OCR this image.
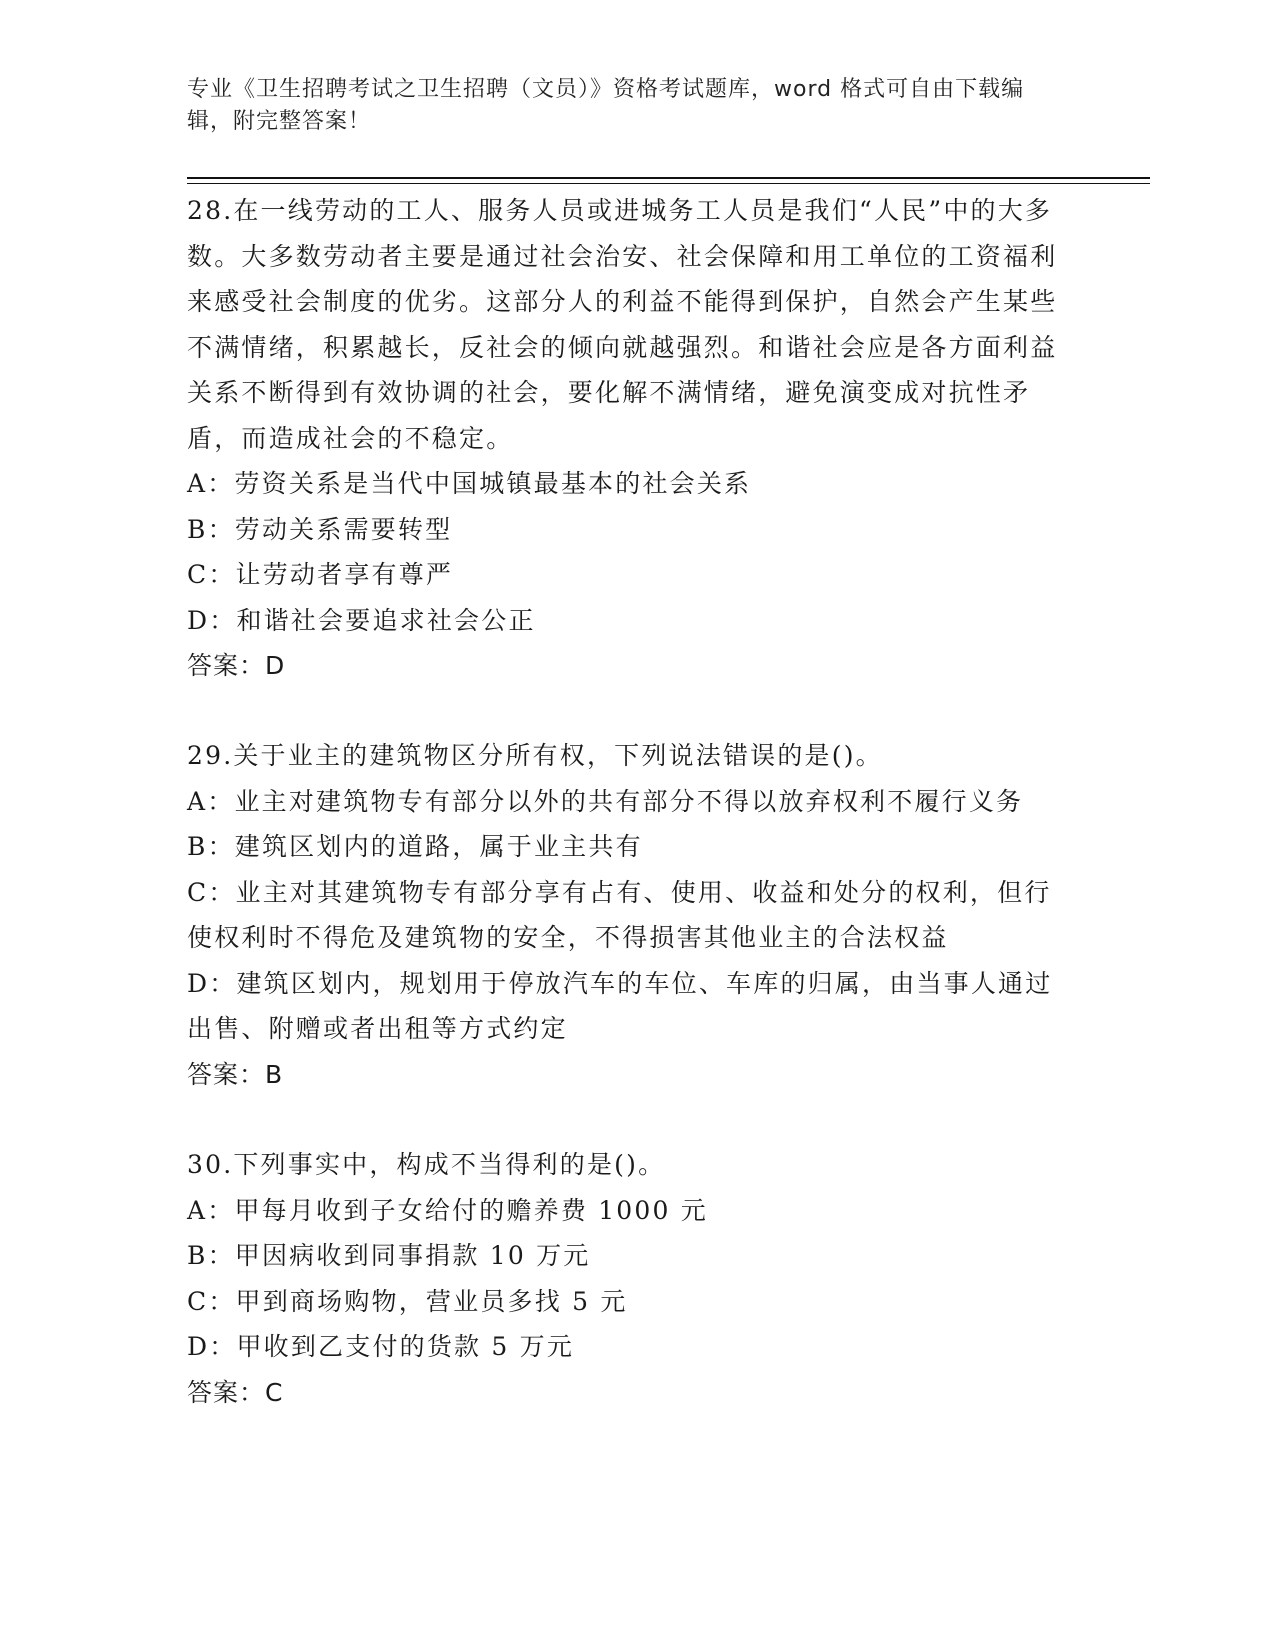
专业《卫生招聘考试之卫生招聘（文员）》资格考试题库，word 格式可自由下载编辑，附完整答案！

28.在一线劳动的工人、服务人员或进城务工人员是我们“人民”中的大多数。大多数劳动者主要是通过社会治安、社会保障和用工单位的工资福利来感受社会制度的优劣。这部分人的利益不能得到保护，自然会产生某些不满情绪，积累越长，反社会的倾向就越强烈。和谐社会应是各方面利益关系不断得到有效协调的社会，要化解不满情绪，避免演变成对抗性矛盾，而造成社会的不稳定。

A：劳资关系是当代中国城镇最基本的社会关系

B：劳动关系需要转型

C：让劳动者享有尊严

D：和谐社会要追求社会公正

答案：D

29.关于业主的建筑物区分所有权，下列说法错误的是()。

A：业主对建筑物专有部分以外的共有部分不得以放弃权利不履行义务

B：建筑区划内的道路，属于业主共有

C：业主对其建筑物专有部分享有占有、使用、收益和处分的权利，但行使权利时不得危及建筑物的安全，不得损害其他业主的合法权益

D：建筑区划内，规划用于停放汽车的车位、车库的归属，由当事人通过出售、附赠或者出租等方式约定

答案：B

30.下列事实中，构成不当得利的是()。

A：甲每月收到子女给付的赡养费 1000 元

B：甲因病收到同事捐款 10 万元

C：甲到商场购物，营业员多找 5 元

D：甲收到乙支付的货款 5 万元

答案：C
